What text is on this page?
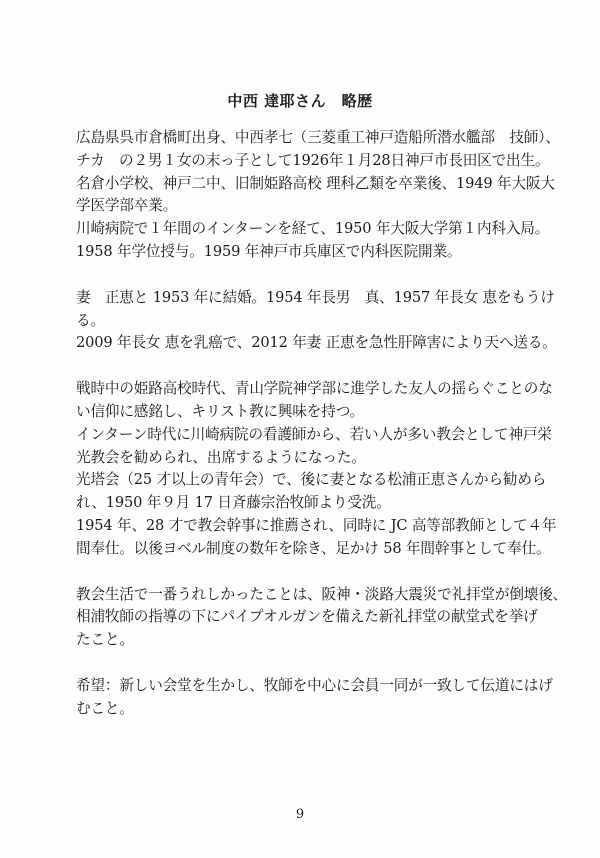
中西 達耶さん　略歴
広島県呉市倉橋町出身、中西孝七（三菱重工神戸造船所潜水艦部　技師）、
チカ　の２男１女の末っ子として1926年１月28日神戸市長田区で出生。
名倉小学校、神戸二中、旧制姫路高校 理科乙類を卒業後、1949 年大阪大
学医学部卒業。
川崎病院で１年間のインターンを経て、1950 年大阪大学第１内科入局。
1958 年学位授与。1959 年神戸市兵庫区で内科医院開業。
妻　正恵と 1953 年に結婚。1954 年長男　真、1957 年長女 恵をもうけ
る。
2009 年長女 恵を乳癌で、2012 年妻 正恵を急性肝障害により天へ送る。
戦時中の姫路高校時代、青山学院神学部に進学した友人の揺らぐことのな
い信仰に感銘し、キリスト教に興味を持つ。
インターン時代に川崎病院の看護師から、若い人が多い教会として神戸栄
光教会を勧められ、出席するようになった。
光塔会（25 才以上の青年会）で、後に妻となる松浦正恵さんから勧めら
れ、1950 年９月 17 日斉藤宗治牧師より受洗。
1954 年、28 才で教会幹事に推薦され、同時に JC 高等部教師として４年
間奉仕。以後ヨベル制度の数年を除き、足かけ 58 年間幹事として奉仕。
教会生活で一番うれしかったことは、阪神・淡路大震災で礼拝堂が倒壊後、
相浦牧師の指導の下にパイプオルガンを備えた新礼拝堂の献堂式を挙げ
たこと。
希望：新しい会堂を生かし、牧師を中心に会員一同が一致して伝道にはげ
むこと。
9
